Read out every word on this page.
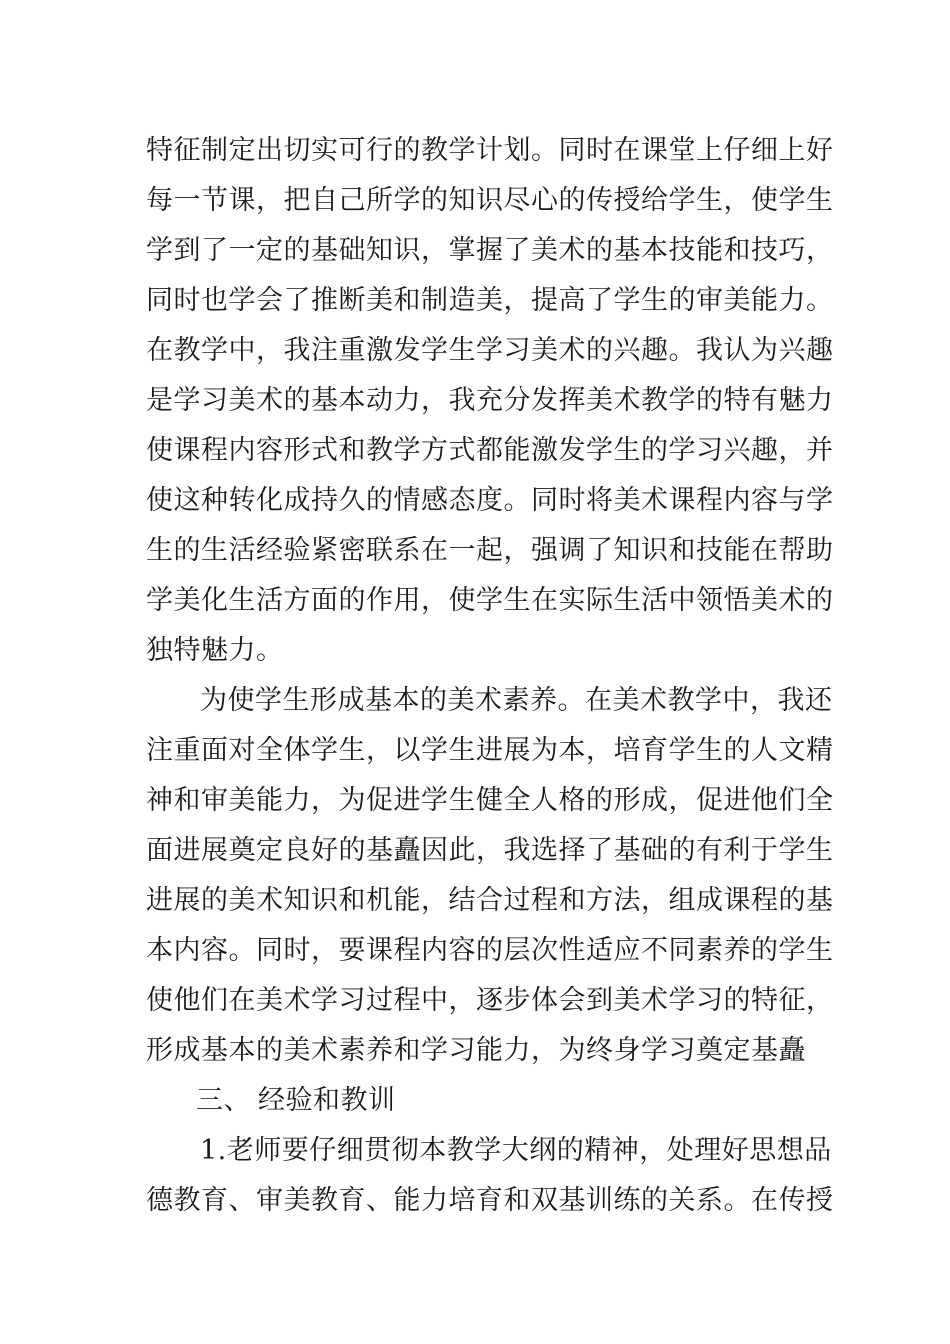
特征制定出切实可行的教学计划。同时在课堂上仔细上好
每一节课，把自己所学的知识尽心的传授给学生，使学生
学到了一定的基础知识，掌握了美术的基本技能和技巧，
同时也学会了推断美和制造美，提高了学生的审美能力。
在教学中，我注重激发学生学习美术的兴趣。我认为兴趣
是学习美术的基本动力，我充分发挥美术教学的特有魅力
使课程内容形式和教学方式都能激发学生的学习兴趣，并
使这种转化成持久的情感态度。同时将美术课程内容与学
生的生活经验紧密联系在一起，强调了知识和技能在帮助
学美化生活方面的作用，使学生在实际生活中领悟美术的
独特魅力。
为使学生形成基本的美术素养。在美术教学中，我还
注重面对全体学生，以学生进展为本，培育学生的人文精
神和审美能力，为促进学生健全人格的形成，促进他们全
面进展奠定良好的基矗因此，我选择了基础的有利于学生
进展的美术知识和机能，结合过程和方法，组成课程的基
本内容。同时，要课程内容的层次性适应不同素养的学生
使他们在美术学习过程中，逐步体会到美术学习的特征，
形成基本的美术素养和学习能力，为终身学习奠定基矗
三、 经验和教训
1.老师要仔细贯彻本教学大纲的精神，处理好思想品
德教育、审美教育、能力培育和双基训练的关系。在传授
